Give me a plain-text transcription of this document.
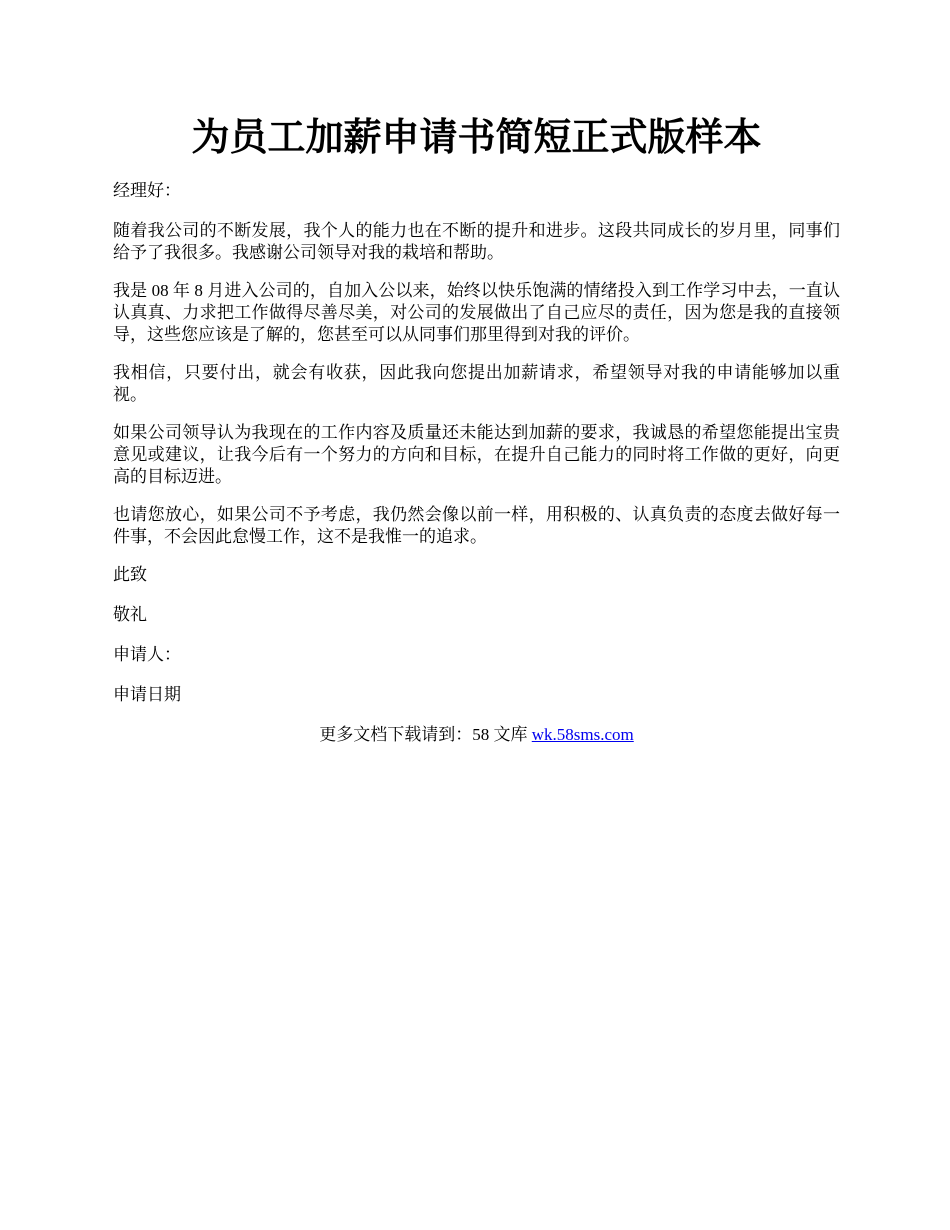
为员工加薪申请书简短正式版样本

经理好：

随着我公司的不断发展，我个人的能力也在不断的提升和进步。这段共同成长的岁月里，同事们给予了我很多。我感谢公司领导对我的栽培和帮助。

我是 08 年 8 月进入公司的，自加入公以来，始终以快乐饱满的情绪投入到工作学习中去，一直认认真真、力求把工作做得尽善尽美，对公司的发展做出了自己应尽的责任，因为您是我的直接领导，这些您应该是了解的，您甚至可以从同事们那里得到对我的评价。

我相信，只要付出，就会有收获，因此我向您提出加薪请求，希望领导对我的申请能够加以重视。

如果公司领导认为我现在的工作内容及质量还未能达到加薪的要求，我诚恳的希望您能提出宝贵意见或建议，让我今后有一个努力的方向和目标，在提升自己能力的同时将工作做的更好，向更高的目标迈进。

也请您放心，如果公司不予考虑，我仍然会像以前一样，用积极的、认真负责的态度去做好每一件事，不会因此怠慢工作，这不是我惟一的追求。

此致

敬礼

申请人：

申请日期

更多文档下载请到：58 文库 wk.58sms.com
